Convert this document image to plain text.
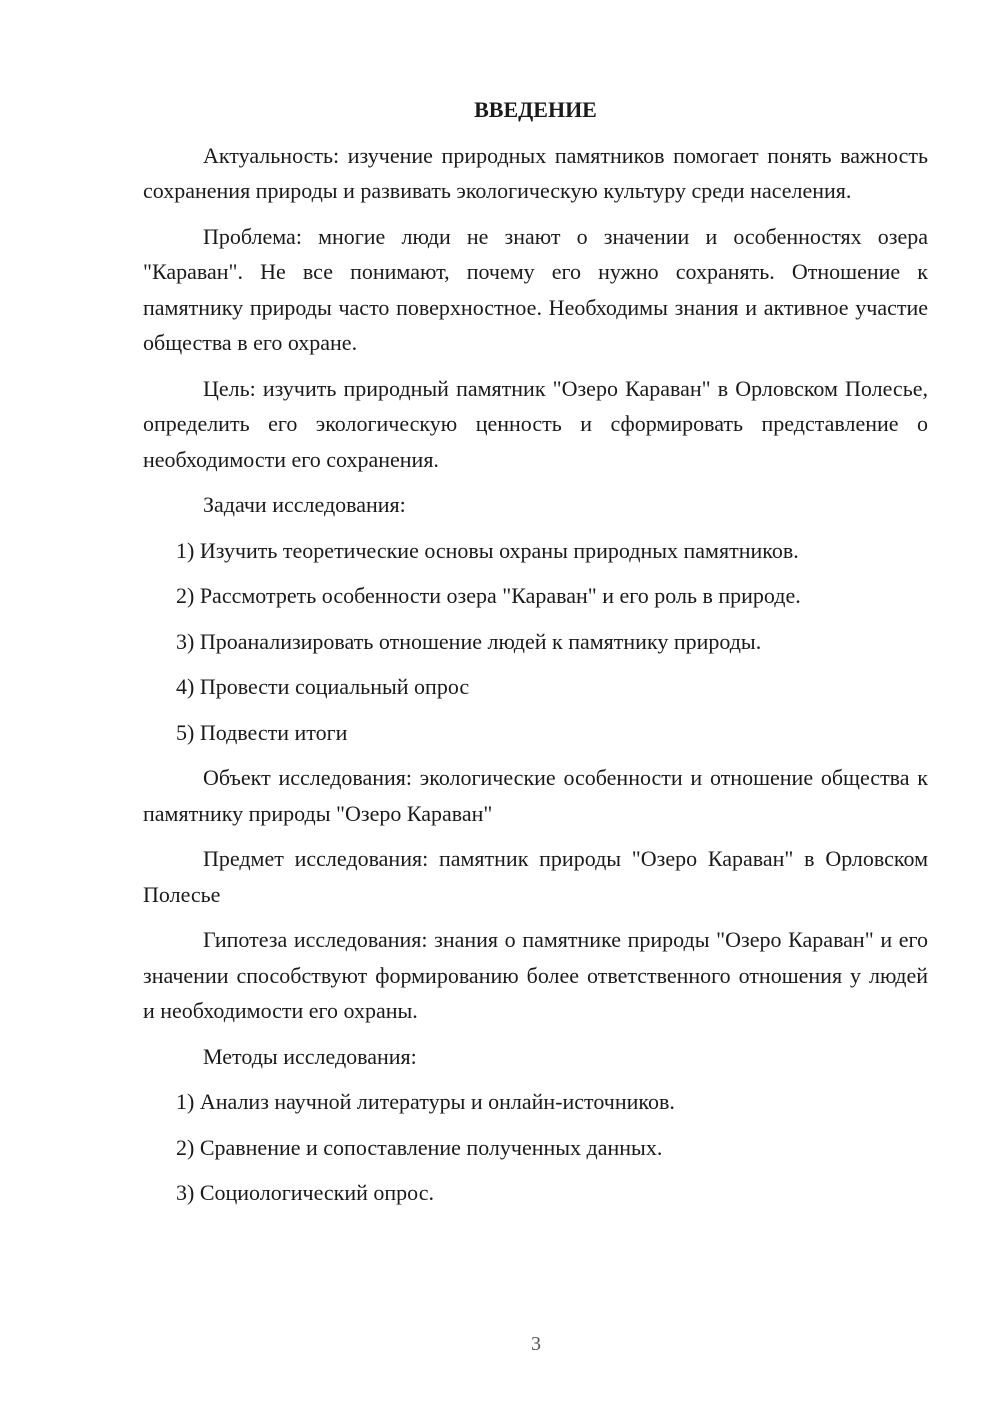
ВВЕДЕНИЕ

Актуальность: изучение природных памятников помогает понять важность сохранения природы и развивать экологическую культуру среди населения.

Проблема: многие люди не знают о значении и особенностях озера "Караван". Не все понимают, почему его нужно сохранять. Отношение к памятнику природы часто поверхностное. Необходимы знания и активное участие общества в его охране.

Цель: изучить природный памятник "Озеро Караван" в Орловском Полесье, определить его экологическую ценность и сформировать представление о необходимости его сохранения.

Задачи исследования:

1) Изучить теоретические основы охраны природных памятников.
2) Рассмотреть особенности озера "Караван" и его роль в природе.
3) Проанализировать отношение людей к памятнику природы.
4) Провести социальный опрос
5) Подвести итоги

Объект исследования: экологические особенности и отношение общества к памятнику природы "Озеро Караван"

Предмет исследования: памятник природы "Озеро Караван" в Орловском Полесье

Гипотеза исследования: знания о памятнике природы "Озеро Караван" и его значении способствуют формированию более ответственного отношения у людей и необходимости его охраны.

Методы исследования:

1) Анализ научной литературы и онлайн-источников.
2) Сравнение и сопоставление полученных данных.
3) Социологический опрос.
3
